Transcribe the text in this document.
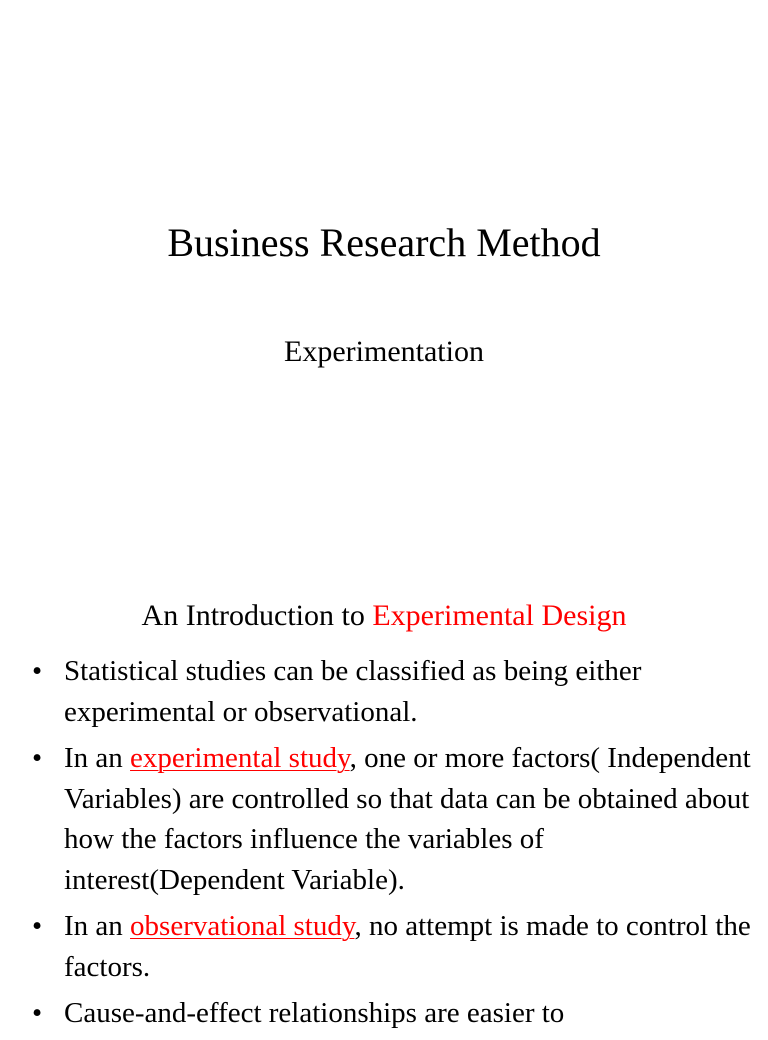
Business Research Method
Experimentation
An Introduction to Experimental Design
• Statistical studies can be classified as being either experimental or observational.
• In an experimental study, one or more factors( Independent Variables) are controlled so that data can be obtained about how the factors influence the variables of interest(Dependent Variable).
• In an observational study, no attempt is made to control the factors.
• Cause-and-effect relationships are easier to
